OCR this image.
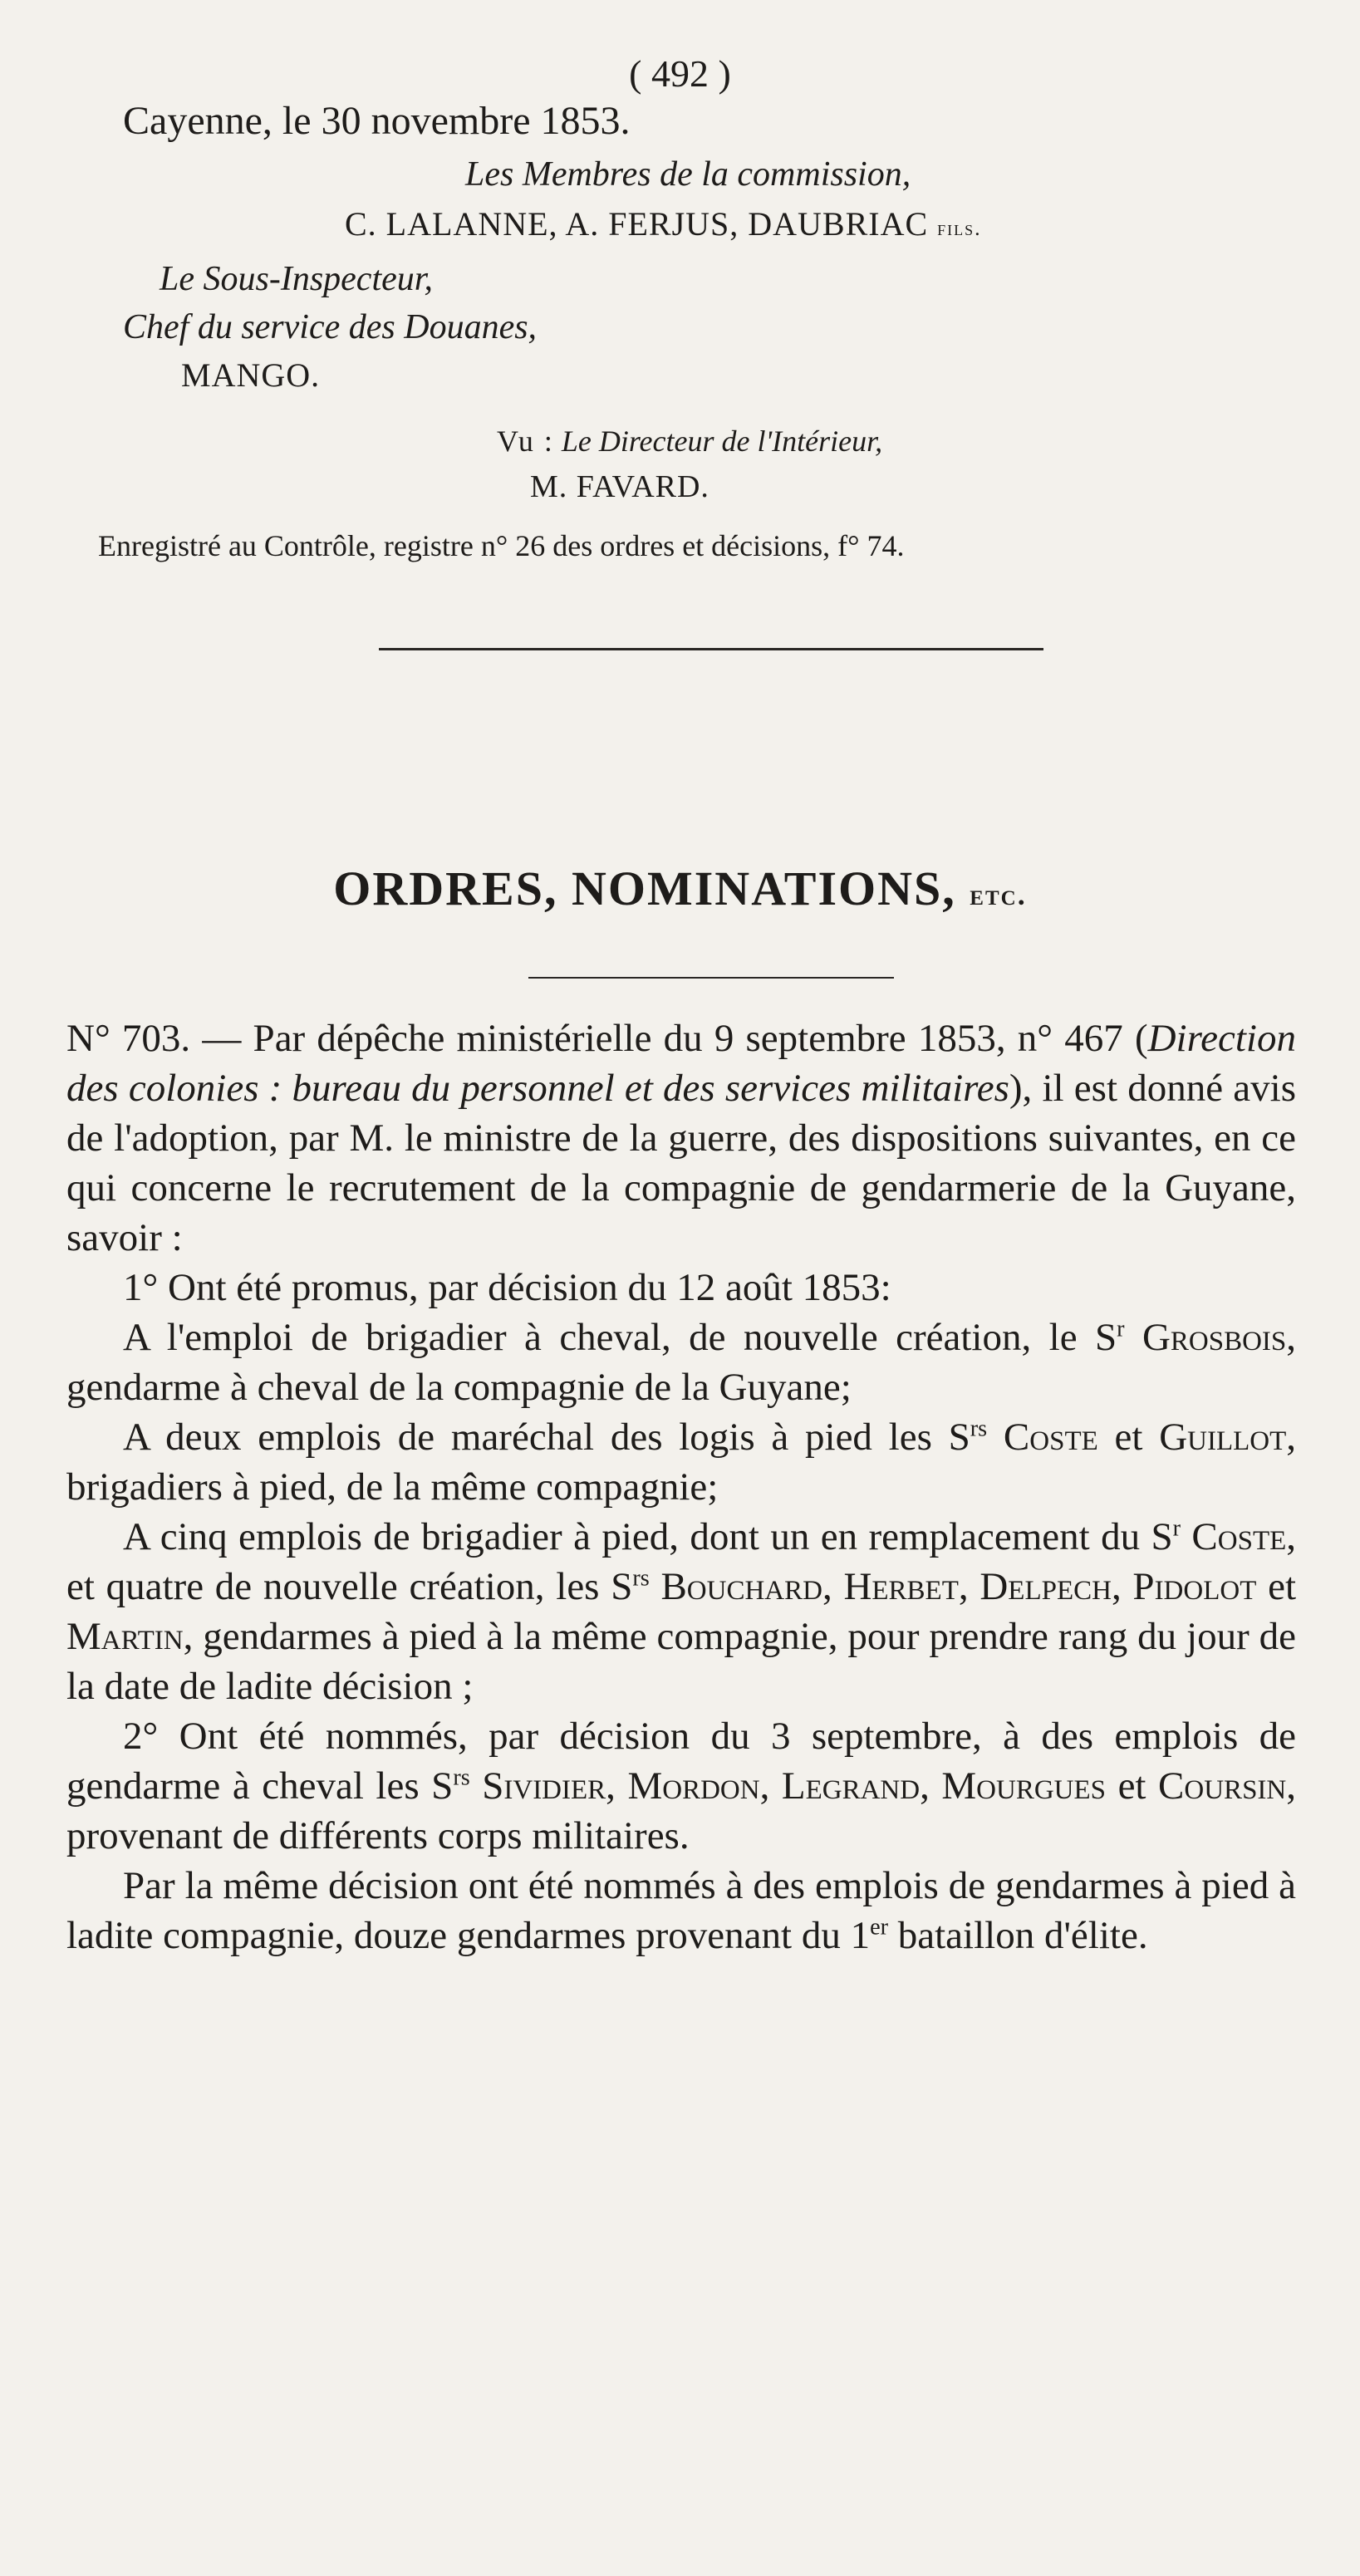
( 492 )
Cayenne, le 30 novembre 1853.
Les Membres de la commission,
C. LALANNE, A. FERJUS, DAUBRIAC fils.
Le Sous-Inspecteur,
Chef du service des Douanes,
MANGO.
Vu : Le Directeur de l'Intérieur,
M. FAVARD.
Enregistré au Contrôle, registre n° 26 des ordres et décisions, f° 74.
ORDRES, NOMINATIONS, etc.

N° 703. — Par dépêche ministérielle du 9 septembre 1853, n° 467 (Direction des colonies : bureau du personnel et des services militaires), il est donné avis de l'adoption, par M. le ministre de la guerre, des dispositions suivantes, en ce qui concerne le recrutement de la compagnie de gendarmerie de la Guyane, savoir :

1° Ont été promus, par décision du 12 août 1853:

A l'emploi de brigadier à cheval, de nouvelle création, le $S^r$ Grosbois, gendarme à cheval de la compagnie de la Guyane;

A deux emplois de maréchal des logis à pied les $S^{rs}$ Coste et Guillot, brigadiers à pied, de la même compagnie;

A cinq emplois de brigadier à pied, dont un en remplacement du $S^r$ Coste, et quatre de nouvelle création, les $S^{rs}$ Bouchard, Herbet, Delpech, Pidolot et Martin, gendarmes à pied à la même compagnie, pour prendre rang du jour de la date de ladite décision ;

2° Ont été nommés, par décision du 3 septembre, à des emplois de gendarme à cheval les $S^{rs}$ Sividier, Mordon, Legrand, Mourgues et Coursin, provenant de différents corps militaires.

Par la même décision ont été nommés à des emplois de gendarmes à pied à ladite compagnie, douze gendarmes provenant du 1er bataillon d'élite.
